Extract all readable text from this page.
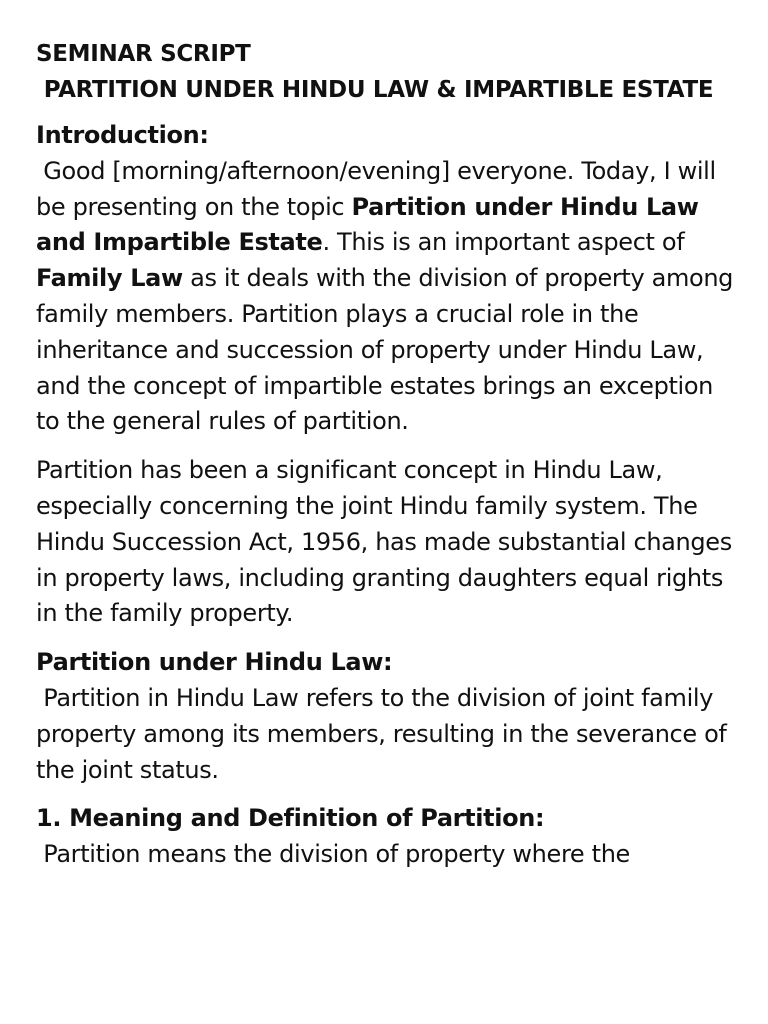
SEMINAR SCRIPT
PARTITION UNDER HINDU LAW & IMPARTIBLE ESTATE
Introduction:
Good [morning/afternoon/evening] everyone. Today, I will be presenting on the topic Partition under Hindu Law and Impartible Estate. This is an important aspect of Family Law as it deals with the division of property among family members. Partition plays a crucial role in the inheritance and succession of property under Hindu Law, and the concept of impartible estates brings an exception to the general rules of partition.
Partition has been a significant concept in Hindu Law, especially concerning the joint Hindu family system. The Hindu Succession Act, 1956, has made substantial changes in property laws, including granting daughters equal rights in the family property.
Partition under Hindu Law:
Partition in Hindu Law refers to the division of joint family property among its members, resulting in the severance of the joint status.
1. Meaning and Definition of Partition:
Partition means the division of property where the
